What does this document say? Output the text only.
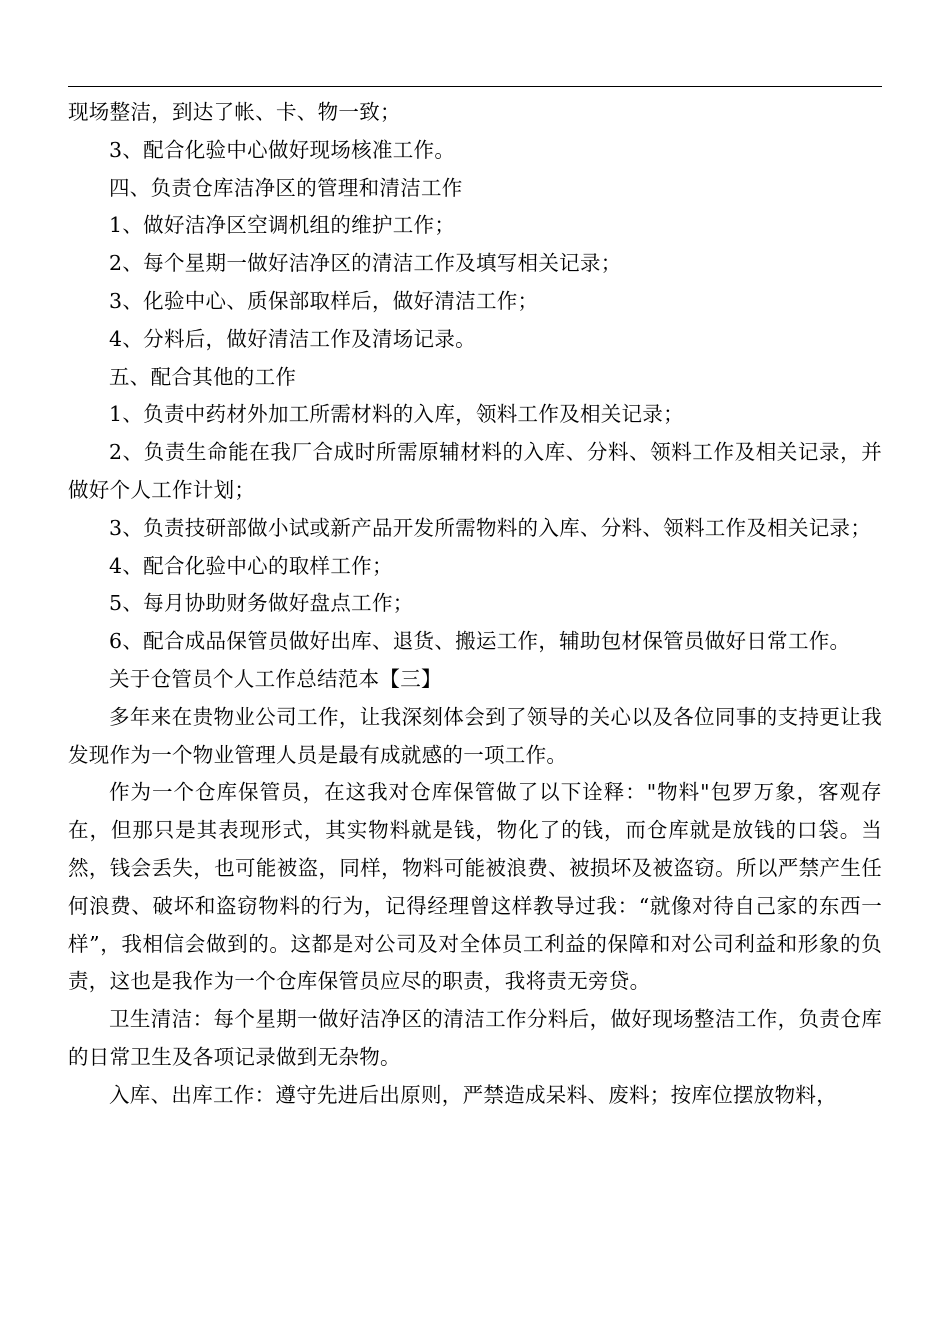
现场整洁，到达了帐、卡、物一致；

3、配合化验中心做好现场核准工作。

四、负责仓库洁净区的管理和清洁工作

1、做好洁净区空调机组的维护工作；

2、每个星期一做好洁净区的清洁工作及填写相关记录；

3、化验中心、质保部取样后，做好清洁工作；

4、分料后，做好清洁工作及清场记录。

五、配合其他的工作

1、负责中药材外加工所需材料的入库，领料工作及相关记录；

2、负责生命能在我厂合成时所需原辅材料的入库、分料、领料工作及相关记录，并做好个人工作计划；

3、负责技研部做小试或新产品开发所需物料的入库、分料、领料工作及相关记录；

4、配合化验中心的取样工作；

5、每月协助财务做好盘点工作；

6、配合成品保管员做好出库、退货、搬运工作，辅助包材保管员做好日常工作。

关于仓管员个人工作总结范本【三】

多年来在贵物业公司工作，让我深刻体会到了领导的关心以及各位同事的支持更让我发现作为一个物业管理人员是最有成就感的一项工作。

作为一个仓库保管员，在这我对仓库保管做了以下诠释："物料"包罗万象，客观存在，但那只是其表现形式，其实物料就是钱，物化了的钱，而仓库就是放钱的口袋。当然，钱会丢失，也可能被盗，同样，物料可能被浪费、被损坏及被盗窃。所以严禁产生任何浪费、破坏和盗窃物料的行为，记得经理曾这样教导过我：“就像对待自己家的东西一样”，我相信会做到的。这都是对公司及对全体员工利益的保障和对公司利益和形象的负责，这也是我作为一个仓库保管员应尽的职责，我将责无旁贷。

卫生清洁：每个星期一做好洁净区的清洁工作分料后，做好现场整洁工作，负责仓库的日常卫生及各项记录做到无杂物。

入库、出库工作：遵守先进后出原则，严禁造成呆料、废料；按库位摆放物料，
